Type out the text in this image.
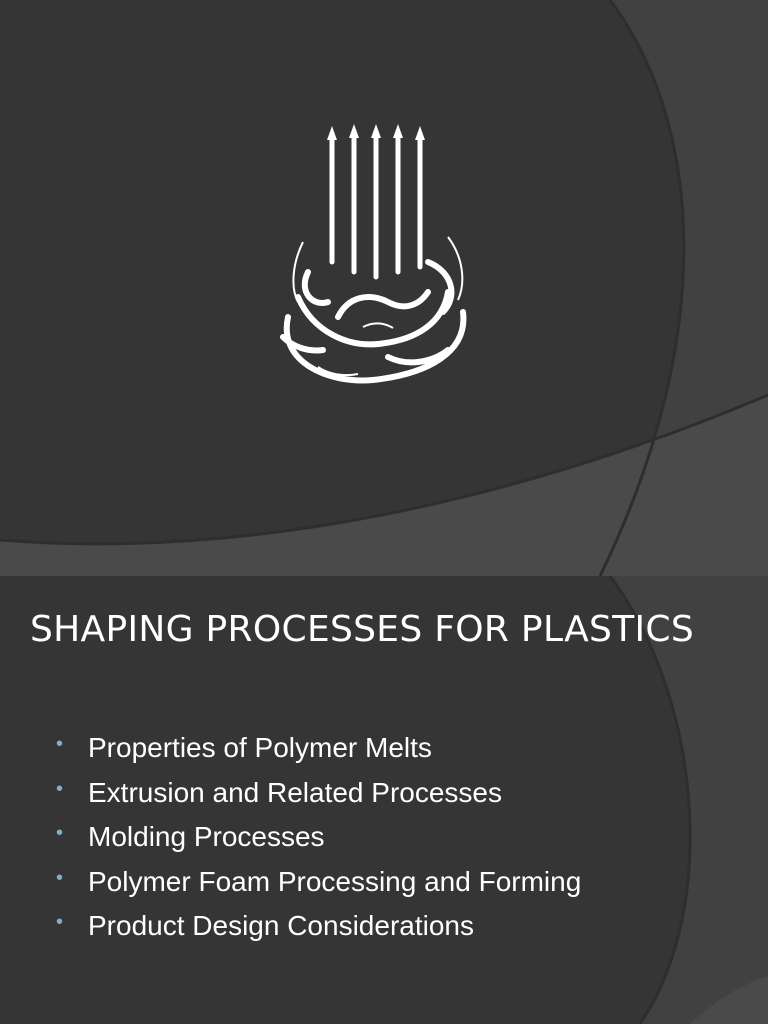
SHAPING PROCESSES FOR PLASTICS
• Properties of Polymer Melts
• Extrusion and Related Processes
• Molding Processes
• Polymer Foam Processing and Forming
• Product Design Considerations
